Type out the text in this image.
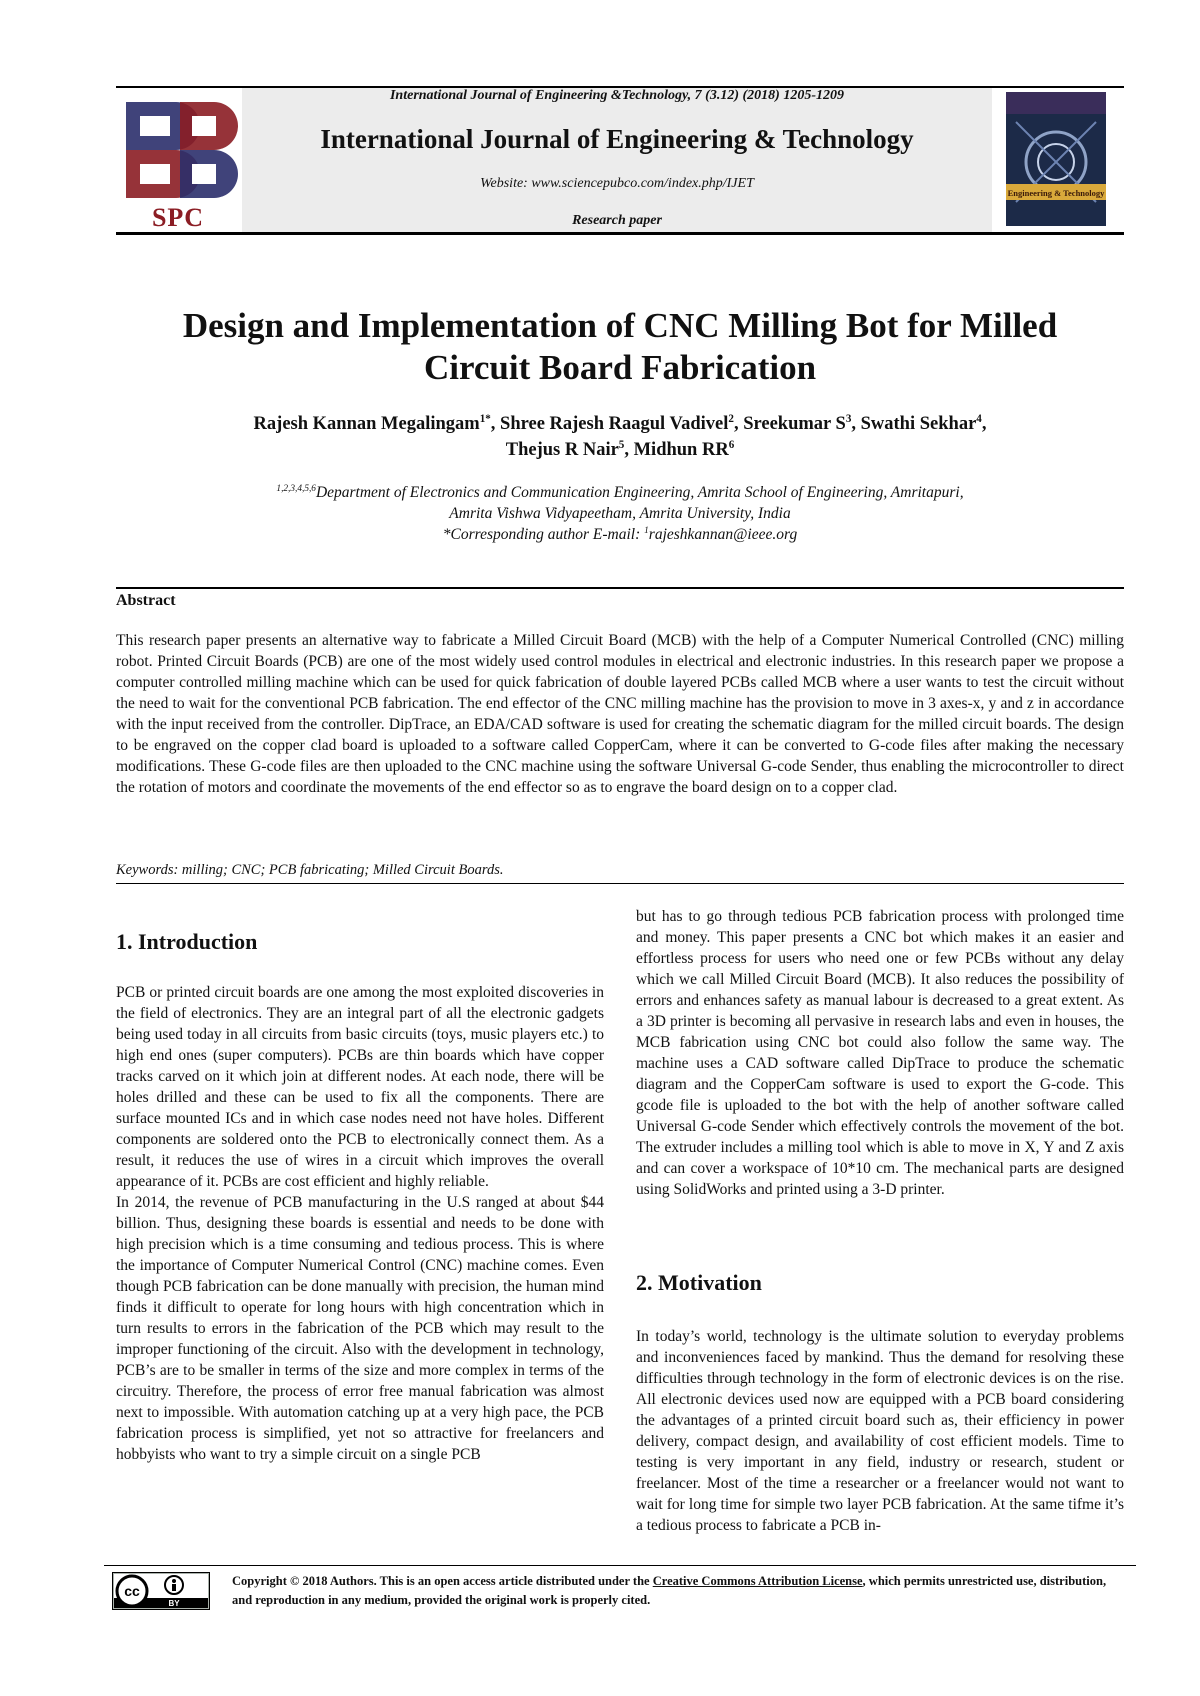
SPC
International Journal of Engineering &Technology, 7 (3.12) (2018) 1205-1209
International Journal of Engineering & Technology
Website: www.sciencepubco.com/index.php/IJET
Research paper
Engineering & Technology
Design and Implementation of CNC Milling Bot for Milled
Circuit Board Fabrication
Rajesh Kannan Megalingam$^{1*}$, Shree Rajesh Raagul Vadivel$^2$, Sreekumar $S^3$, Swathi Sekhar$^4$,
Thejus R Nair$^5$, Midhun $RR^6$
$^{1,2,3,4,5,6}$Department of Electronics and Communication Engineering, Amrita School of Engineering, Amritapuri,
Amrita Vishwa Vidyapeetham, Amrita University, India
*Corresponding author E-mail: $^1$rajeshkannan@ieee.org
Abstract
This research paper presents an alternative way to fabricate a Milled Circuit Board (MCB) with the help of a Computer Numerical Controlled (CNC) milling robot. Printed Circuit Boards (PCB) are one of the most widely used control modules in electrical and electronic industries. In this research paper we propose a computer controlled milling machine which can be used for quick fabrication of double layered PCBs called MCB where a user wants to test the circuit without the need to wait for the conventional PCB fabrication. The end effector of the CNC milling machine has the provision to move in 3 axes-x, y and z in accordance with the input received from the controller. DipTrace, an EDA/CAD software is used for creating the schematic diagram for the milled circuit boards. The design to be engraved on the copper clad board is uploaded to a software called CopperCam, where it can be converted to G-code files after making the necessary modifications. These G-code files are then uploaded to the CNC machine using the software Universal G-code Sender, thus enabling the microcontroller to direct the rotation of motors and coordinate the movements of the end effector so as to engrave the board design on to a copper clad.
Keywords: milling; CNC; PCB fabricating; Milled Circuit Boards.
1. Introduction

PCB or printed circuit boards are one among the most exploited discoveries in the field of electronics. They are an integral part of all the electronic gadgets being used today in all circuits from basic circuits (toys, music players etc.) to high end ones (super computers). PCBs are thin boards which have copper tracks carved on it which join at different nodes. At each node, there will be holes drilled and these can be used to fix all the components. There are surface mounted ICs and in which case nodes need not have holes. Different components are soldered onto the PCB to electronically connect them. As a result, it reduces the use of wires in a circuit which improves the overall appearance of it. PCBs are cost efficient and highly reliable.

In 2014, the revenue of PCB manufacturing in the U.S ranged at about $44 billion. Thus, designing these boards is essential and needs to be done with high precision which is a time consuming and tedious process. This is where the importance of Computer Numerical Control (CNC) machine comes. Even though PCB fabrication can be done manually with precision, the human mind finds it difficult to operate for long hours with high concentration which in turn results to errors in the fabrication of the PCB which may result to the improper functioning of the circuit. Also with the development in technology, PCB’s are to be smaller in terms of the size and more complex in terms of the circuitry. Therefore, the process of error free manual fabrication was almost next to impossible. With automation catching up at a very high pace, the PCB fabrication process is simplified, yet not so attractive for freelancers and hobbyists who want to try a simple circuit on a single PCB

but has to go through tedious PCB fabrication process with prolonged time and money. This paper presents a CNC bot which makes it an easier and effortless process for users who need one or few PCBs without any delay which we call Milled Circuit Board (MCB). It also reduces the possibility of errors and enhances safety as manual labour is decreased to a great extent. As a 3D printer is becoming all pervasive in research labs and even in houses, the MCB fabrication using CNC bot could also follow the same way. The machine uses a CAD software called DipTrace to produce the schematic diagram and the CopperCam software is used to export the G-code. This gcode file is uploaded to the bot with the help of another software called Universal G-code Sender which effectively controls the movement of the bot. The extruder includes a milling tool which is able to move in X, Y and Z axis and can cover a workspace of 10*10 cm. The mechanical parts are designed using SolidWorks and printed using a 3-D printer.

2. Motivation

In today’s world, technology is the ultimate solution to everyday problems and inconveniences faced by mankind. Thus the demand for resolving these difficulties through technology in the form of electronic devices is on the rise. All electronic devices used now are equipped with a PCB board considering the advantages of a printed circuit board such as, their efficiency in power delivery, compact design, and availability of cost efficient models. Time to testing is very important in any field, industry or research, student or freelancer. Most of the time a researcher or a freelancer would not want to wait for long time for simple two layer PCB fabrication. At the same tifme it’s a tedious process to fabricate a PCB in-

cc
BY
Copyright © 2018 Authors. This is an open access article distributed under the Creative Commons Attribution License, which permits unrestricted use, distribution, and reproduction in any medium, provided the original work is properly cited.
